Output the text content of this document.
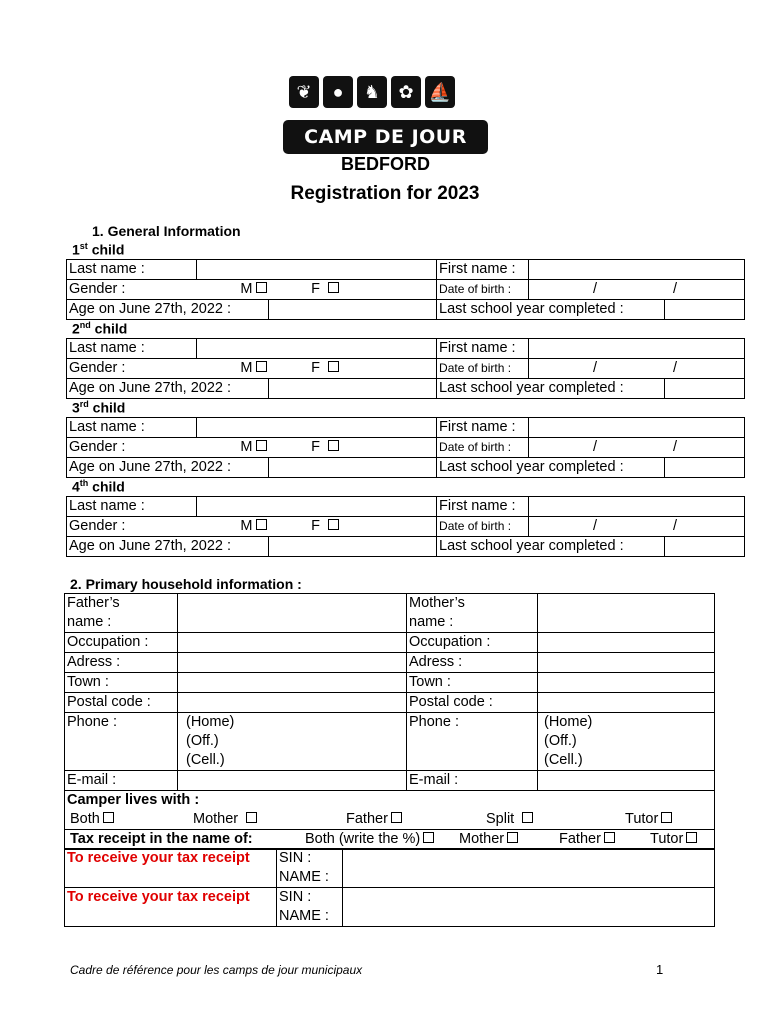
❦	●	♞	✿ ⛵
CAMP DE JOUR
BEDFORD
Registration for 2023
1. General Information
1st child
Last name :			First name :		
Gender :	M	F	Date of birth :	/ /	

Age on June 27th, 2022 :			Last school year completed :		
2nd child
Last name :			First name :		
Gender :	M	F	Date of birth :	/ /	

Age on June 27th, 2022 :			Last school year completed :		
3rd child
Last name :			First name :		
Gender :	M	F	Date of birth :	/ /	

Age on June 27th, 2022 :			Last school year completed :		
4th child
Last name :			First name :		
Gender :	M	F	Date of birth :	/ /	

Age on June 27th, 2022 :			Last school year completed :		
2. Primary household information :
Father’s		Mother’s	
name :		name :	
Occupation :		Occupation :	
Adress :		Adress :	
Town :		Town :	
Postal code :		Postal code :	
Phone :	(Home)	Phone :	(Home)
	(Off.)		(Off.)
	(Cell.)		(Cell.)
E-mail :		E-mail :	
Camper lives with :

Both	Mother	Father	Split	Tutor

Tax receipt in the name of:	Both (write the %)	Mother	Father	Tutor
To receive your tax receipt	SIN :	
	NAME :	
To receive your tax receipt	SIN :	
	NAME :	
Cadre de référence pour les camps de jour municipaux	1
